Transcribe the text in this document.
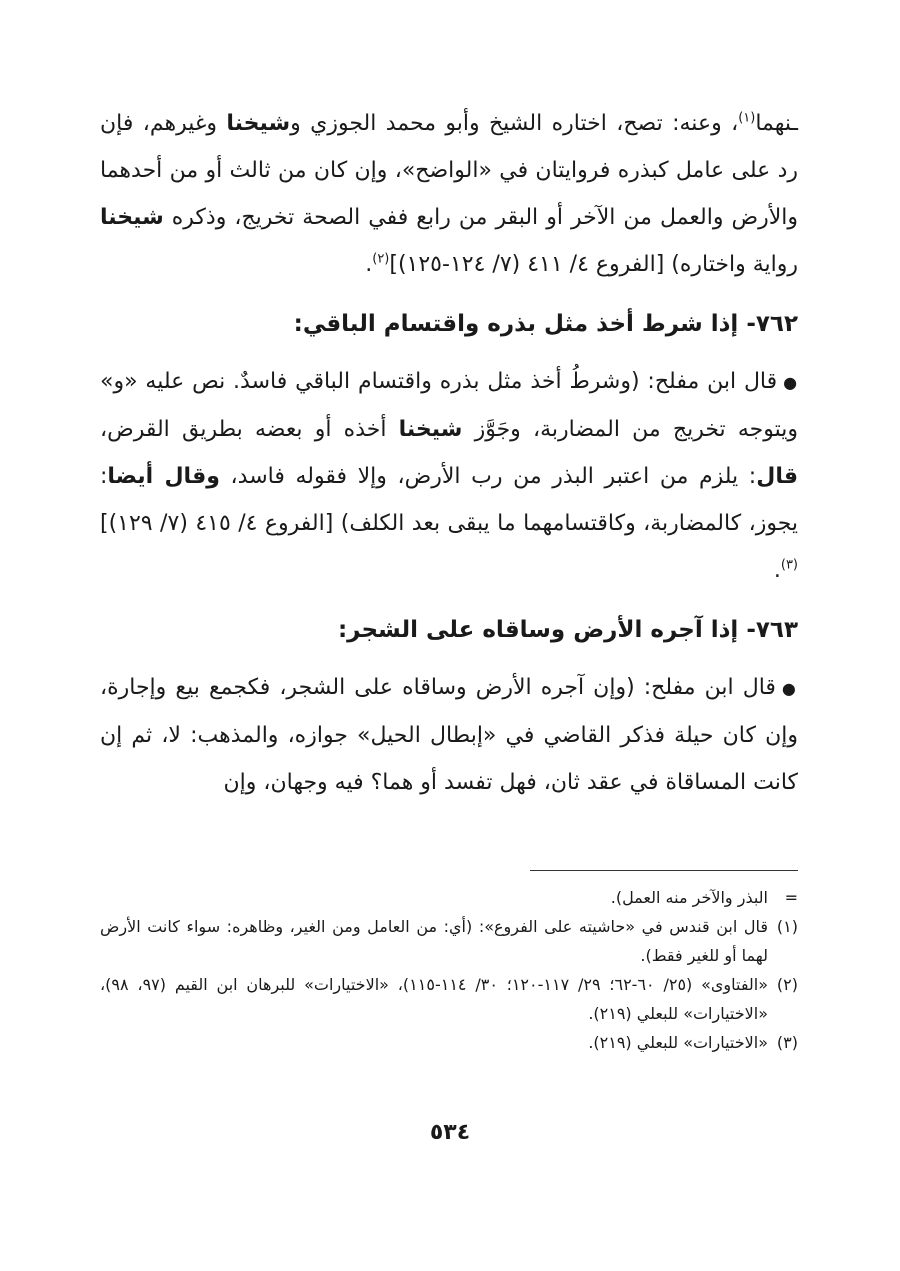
ـنهما$^{(١)}$، وعنه: تصح، اختاره الشيخ وأبو محمد الجوزي وشيخنا وغيرهم، فإن رد على عامل كبذره فروايتان في «الواضح»، وإن كان من ثالث أو من أحدهما والأرض والعمل من الآخر أو البقر من رابع ففي الصحة تخريج، وذكره شيخنا رواية واختاره) [الفروع ٤/ ٤١١ (٧/ ١٢٤-١٢٥)]$^{(٢)}$.

٧٦٢- إذا شرط أخذ مثل بذره واقتسام الباقي:

●قال ابن مفلح: (وشرطُ أخذ مثل بذره واقتسام الباقي فاسدٌ. نص عليه «و» ويتوجه تخريج من المضاربة، وجَوَّز شيخنا أخذه أو بعضه بطريق القرض، قال: يلزم من اعتبر البذر من رب الأرض، وإلا فقوله فاسد، وقال أيضا: يجوز، كالمضاربة، وكاقتسامهما ما يبقى بعد الكلف) [الفروع ٤/ ٤١٥ (٧/ ١٢٩)]$^{(٣)}$.

٧٦٣- إذا آجره الأرض وساقاه على الشجر:

●قال ابن مفلح: (وإن آجره الأرض وساقاه على الشجر، فكجمع بيع وإجارة، وإن كان حيلة فذكر القاضي في «إبطال الحيل» جوازه، والمذهب: لا، ثم إن كانت المساقاة في عقد ثان، فهل تفسد أو هما؟ فيه وجهان، وإن

=
البذر والآخر منه العمل).

(١)
قال ابن قندس في «حاشيته على الفروع»: (أي: من العامل ومن الغير، وظاهره: سواء كانت الأرض لهما أو للغير فقط).

(٢)
«الفتاوى» (٢٥/ ٦٠-٦٢؛ ٢٩/ ١١٧-١٢٠؛ ٣٠/ ١١٤-١١٥)، «الاختيارات» للبرهان ابن القيم (٩٧، ٩٨)، «الاختيارات» للبعلي (٢١٩).

(٣)
«الاختيارات» للبعلي (٢١٩).

٥٣٤
